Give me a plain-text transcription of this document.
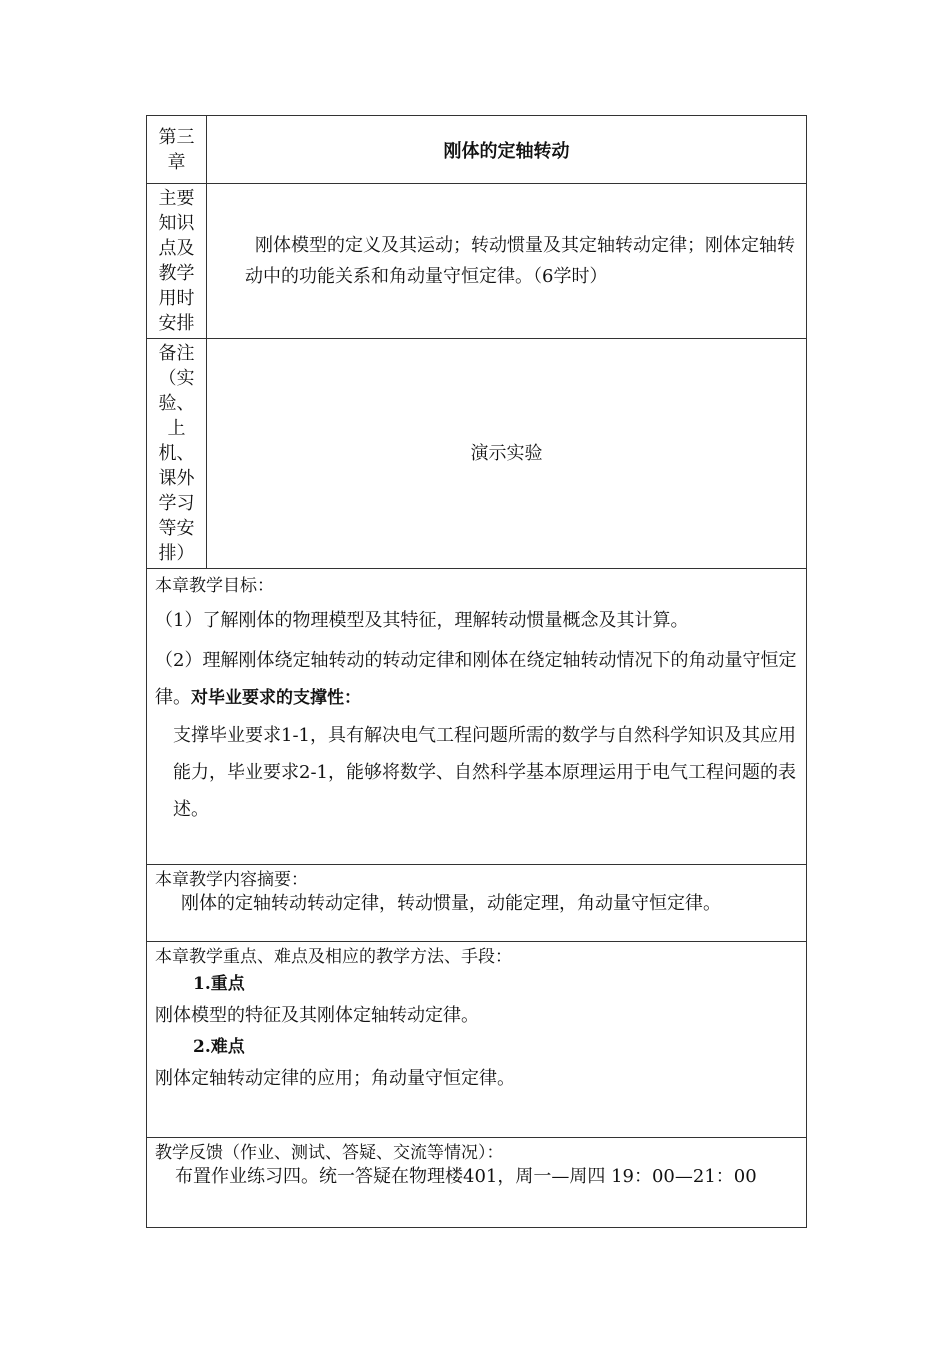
第三章	刚体的定轴转动

主要知识点及教学用时安排	刚体模型的定义及其运动；转动惯量及其定轴转动定律；刚体定轴转动中的功能关系和角动量守恒定律。（6学时）

备注（实验、上机、课外学习等安排）	演示实验

本章教学目标：
（1）了解刚体的物理模型及其特征，理解转动惯量概念及其计算。
（2）理解刚体绕定轴转动的转动定律和刚体在绕定轴转动情况下的角动量守恒定律。对毕业要求的支撑性：
支撑毕业要求1-1，具有解决电气工程问题所需的数学与自然科学知识及其应用能力，毕业要求2-1，能够将数学、自然科学基本原理运用于电气工程问题的表述。	

本章教学内容摘要：
刚体的定轴转动转动定律，转动惯量，动能定理，角动量守恒定律。	

本章教学重点、难点及相应的教学方法、手段：
1.重点
刚体模型的特征及其刚体定轴转动定律。
2.难点
刚体定轴转动定律的应用；角动量守恒定律。	

教学反馈（作业、测试、答疑、交流等情况）：
布置作业练习四。统一答疑在物理楼401，周一—周四 19：00—21：00	
